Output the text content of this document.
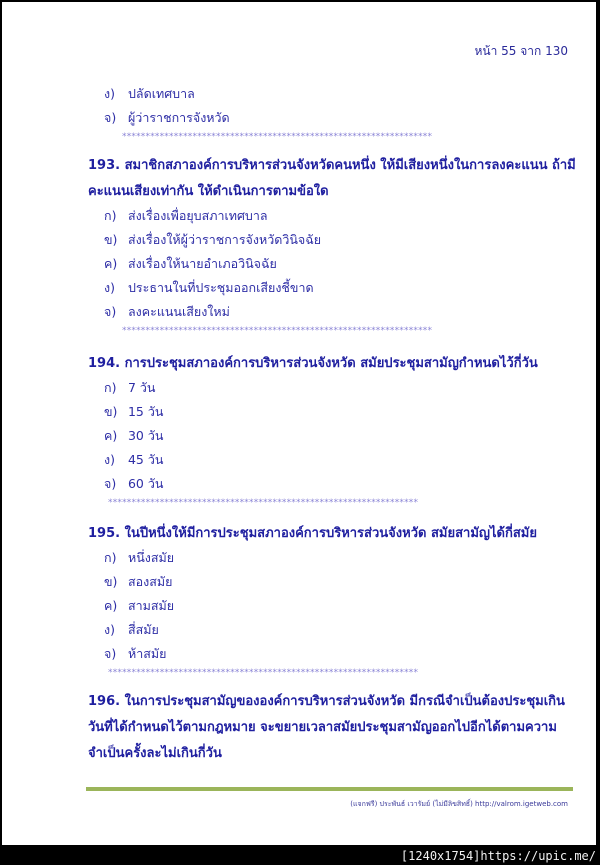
หน้า 55 จาก 130
ง) ปลัดเทศบาล
จ) ผู้ว่าราชการจังหวัด
******************************************************************
193. สมาชิกสภาองค์การบริหารส่วนจังหวัดคนหนึ่ง ให้มีเสียงหนึ่งในการลงคะแนน ถ้ามี
คะแนนเสียงเท่ากัน ให้ดำเนินการตามข้อใด
ก) ส่งเรื่องเพื่อยุบสภาเทศบาล
ข) ส่งเรื่องให้ผู้ว่าราชการจังหวัดวินิจฉัย
ค) ส่งเรื่องให้นายอำเภอวินิจฉัย
ง) ประธานในที่ประชุมออกเสียงชี้ขาด
จ) ลงคะแนนเสียงใหม่
******************************************************************
194. การประชุมสภาองค์การบริหารส่วนจังหวัด สมัยประชุมสามัญกำหนดไว้กี่วัน
ก) 7 วัน
ข) 15 วัน
ค) 30 วัน
ง) 45 วัน
จ) 60 วัน
******************************************************************
195. ในปีหนึ่งให้มีการประชุมสภาองค์การบริหารส่วนจังหวัด สมัยสามัญได้กี่สมัย
ก) หนึ่งสมัย
ข) สองสมัย
ค) สามสมัย
ง) สี่สมัย
จ) ห้าสมัย
******************************************************************
196. ในการประชุมสามัญขององค์การบริหารส่วนจังหวัด มีกรณีจำเป็นต้องประชุมเกิน
วันที่ได้กำหนดไว้ตามกฎหมาย จะขยายเวลาสมัยประชุมสามัญออกไปอีกได้ตามความ
จำเป็นครั้งละไม่เกินกี่วัน
(แจกฟรี) ประพันธ์ เวารัมย์ (ไม่มีลิขสิทธิ์) http://valrom.igetweb.com
[1240x1754]https://upic.me/
